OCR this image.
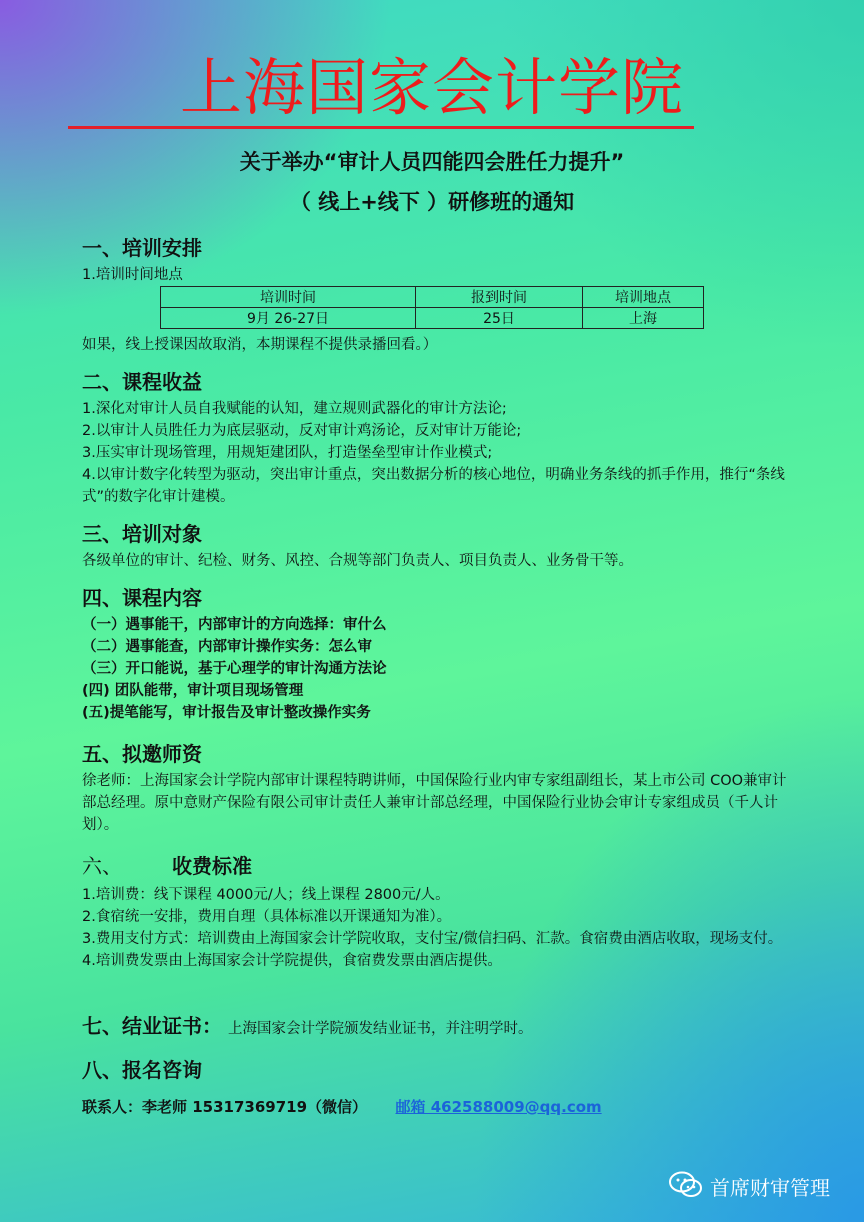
上海国家会计学院
关于举办“审计人员四能四会胜任力提升”
（ 线上+线下 ）研修班的通知
一、培训安排
1.培训时间地点
培训时间	报到时间	培训地点
9月 26-27日	25日	上海
如果，线上授课因故取消，本期课程不提供录播回看。）
二、课程收益
1.深化对审计人员自我赋能的认知，建立规则武器化的审计方法论;
2.以审计人员胜任力为底层驱动，反对审计鸡汤论，反对审计万能论;
3.压实审计现场管理，用规矩建团队，打造堡垒型审计作业模式;
4.以审计数字化转型为驱动，突出审计重点，突出数据分析的核心地位，明确业务条线的抓手作用，推行“条线式”的数字化审计建模。
三、培训对象
各级单位的审计、纪检、财务、风控、合规等部门负责人、项目负责人、业务骨干等。
四、课程内容
（一）遇事能干，内部审计的方向选择：审什么
（二）遇事能查，内部审计操作实务：怎么审
（三）开口能说，基于心理学的审计沟通方法论
(四) 团队能带，审计项目现场管理
(五)提笔能写，审计报告及审计整改操作实务
五、拟邀师资
徐老师：上海国家会计学院内部审计课程特聘讲师，中国保险行业内审专家组副组长，某上市公司 COO兼审计部总经理。原中意财产保险有限公司审计责任人兼审计部总经理，中国保险行业协会审计专家组成员（千人计划）。
六、	收费标准
1.培训费：线下课程 4000元/人；线上课程 2800元/人。
2.食宿统一安排，费用自理（具体标准以开课通知为准）。
3.费用支付方式：培训费由上海国家会计学院收取，支付宝/微信扫码、汇款。食宿费由酒店收取，现场支付。
4.培训费发票由上海国家会计学院提供，食宿费发票由酒店提供。
七、结业证书： 上海国家会计学院颁发结业证书，并注明学时。
八、报名咨询
联系人：李老师 15317369719（微信） 邮箱 462588009@qq.com
首席财审管理
